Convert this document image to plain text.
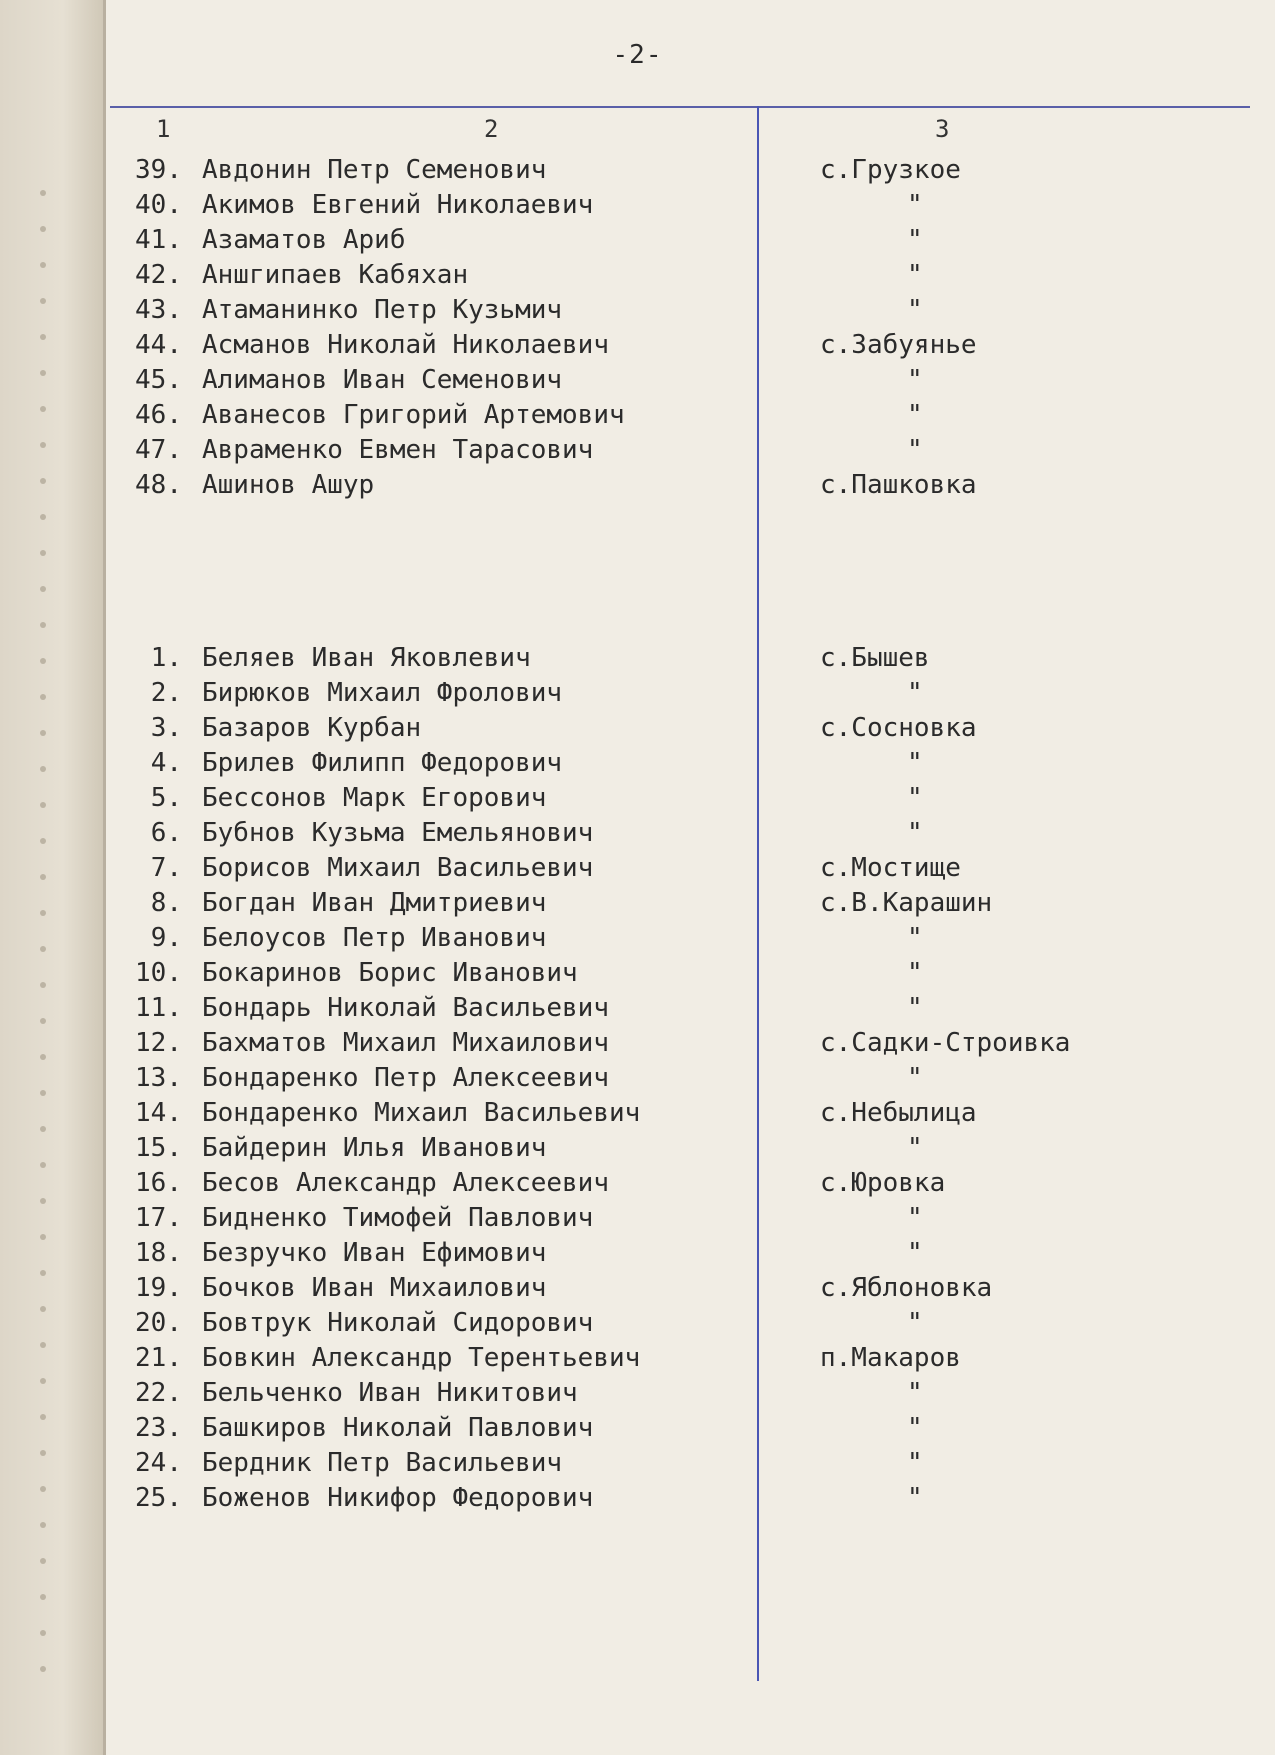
-2-
1	2	3
39. Авдонин Петр Семенович	с.Грузкое
40. Акимов Евгений Николаевич	"
41. Азаматов Ариб	"
42. Аншгипаев Кабяхан	"
43. Атаманинко Петр Кузьмич	"
44. Асманов Николай Николаевич	с.Забуянье
45. Алиманов Иван Семенович	"
46. Аванесов Григорий Артемович	"
47. Авраменко Евмен Тарасович	"
48. Ашинов Ашур	с.Пашковка
1. Беляев Иван Яковлевич	с.Бышев
2. Бирюков Михаил Фролович	"
3. Базаров Курбан	с.Сосновка
4. Брилев Филипп Федорович	"
5. Бессонов Марк Егорович	"
6. Бубнов Кузьма Емельянович	"
7. Борисов Михаил Васильевич	с.Мостище
8. Богдан Иван Дмитриевич	с.В.Карашин
9. Белоусов Петр Иванович	"
10. Бокаринов Борис Иванович	"
11. Бондарь Николай Васильевич	"
12. Бахматов Михаил Михаилович	с.Садки-Строивка
13. Бондаренко Петр Алексеевич	"
14. Бондаренко Михаил Васильевич	с.Небылица
15. Байдерин Илья Иванович	"
16. Бесов Александр Алексеевич	с.Юровка
17. Бидненко Тимофей Павлович	"
18. Безручко Иван Ефимович	"
19. Бочков Иван Михаилович	с.Яблоновка
20. Бовтрук Николай Сидорович	"
21. Бовкин Александр Терентьевич	п.Макаров
22. Бельченко Иван Никитович	"
23. Башкиров Николай Павлович	"
24. Бердник Петр Васильевич	"
25. Боженов Никифор Федорович	"
